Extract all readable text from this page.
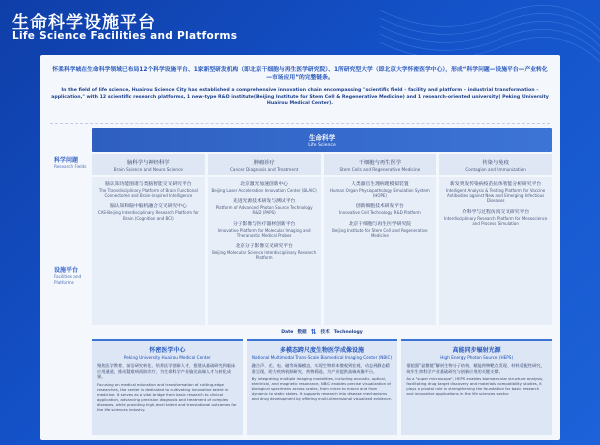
生命科学设施平台
Life Science Facilities and Platforms
怀柔科学城在生命科学领域已布局12个科学设施平台、1家新型研发机构（即北京干细胞与再生医学研究院）、1所研究型大学（即北京大学怀密医学中心），形成“科学问题—设施平台—产业转化—市场应用”的完整链条。
In the field of life science, Huairou Science City has established a comprehensive innovation chain encompassing "scientific field – facility and platform – industrial transformation – application," with 12 scientific research platforms, 1 new-type R&D institute(Beijing Institute for Stem Cell & Regenerative Medicine) and 1 research-oriented university( Peking University Huairou Medical Center).
科学问题
Research Fields
设施平台
Facilities and Platforms
生命科学
Life Science
脑科学与神经科学
Brain Science and Neuro Science
肿瘤诊疗
Cancer Diagnosis and Treatment
干细胞与再生医学
Stem Cells and Regenerative Medicine
传染与免疫
Contagion and Immunization
脑认知功能图谱与类脑智能交叉研究平台
The Transdisciplinary Platform of Brain Functional Connectome and Brain-inspired Intelligence
脑认知和脑中脑机融合交叉研究中心
CAS-Beijing Interdisciplinary Research Platform for Brain (Cognition and BCI)
北京激光加速创新中心
Beijing Laser Acceleration Innovation Center (BLAIC)
先进光源技术研发与测试平台
Platform of Advanced Photon Source Technology R&D (PAPS)
分子影像与医疗器材创新平台
Innovative Platform for Molecular Imaging and Theranostic Medical Probes
北京分子影像交叉研究平台
Beijing Molecular Science Interdisciplinary Research Platform
人类器官生理病理模拟装置
Human Organ Physiopathology Emulation System (HOPE)
创新细胞技术研发平台
Innovative Cell Technology R&D Platform
北京干细胞与再生医学研究院
Beijing Institute for Stem Cell and Regenerative Medicine
新发突发传染病疫苗抗体智能分析研究平台
Intelligent Analysis & Testing Platform for Vaccine Antibodies against New and Emerging Infectious Diseases
介科学与过程仿真交叉研究平台
Interdisciplinary Research Platform for Mesoscience and Process Simulation
Date 数据 ⇅ 技术 Technology
怀密医学中心
Peking University Huairou Medical Center
聚焦医学教育、前沿研究转化、培养医学创新人才，搭建从基础研究到临床应用通道，推动疑难病预防诊疗，为生命科学产业输送高端人才与转化成果。
Focusing on medical education and transformation of cutting-edge researches, the center is dedicated to cultivating innovative talent in medicine. It serves as a vital bridge from basic research to clinical application, advancing precision diagnosis and treatment of complex diseases, while providing high-level talent and translational outcomes for the life sciences industry.
多模态跨尺度生物医学成像设施
National Multimodal Trans-Scale Biomedical Imaging Center (NBIC)
融合声、光、电、磁等成像模态，实现生物样本微观到宏观、动态到静态精准呈现，助力疾病机制研究、药物筛选，为产业提供高端成像平台。
By integrating multiple imaging modalities, including acoustic, optical, electrical, and magnetic resonance, NBIC enables precise visualization of biological specimens across scales, from micro to macro and from dynamic to static states. It supports research into disease mechanisms and drug development by offering multi-dimensional visualized evidence.
高能同步辐射光源
High Energy Photon Source (HEPS)
借超强“显微镜”解析生物分子结构，赋能药物靶点发现、材料适配性研究，筑牢生命科学产业基础研究与创新应用的关键支撑。
As a "super microscope", HEPS enables biomolecular structure analysis, facilitating drug target discovery and materials compatibility studies, it plays a pivotal role in strengthening the foundation for basic research and innovative applications in the life sciences sector.
